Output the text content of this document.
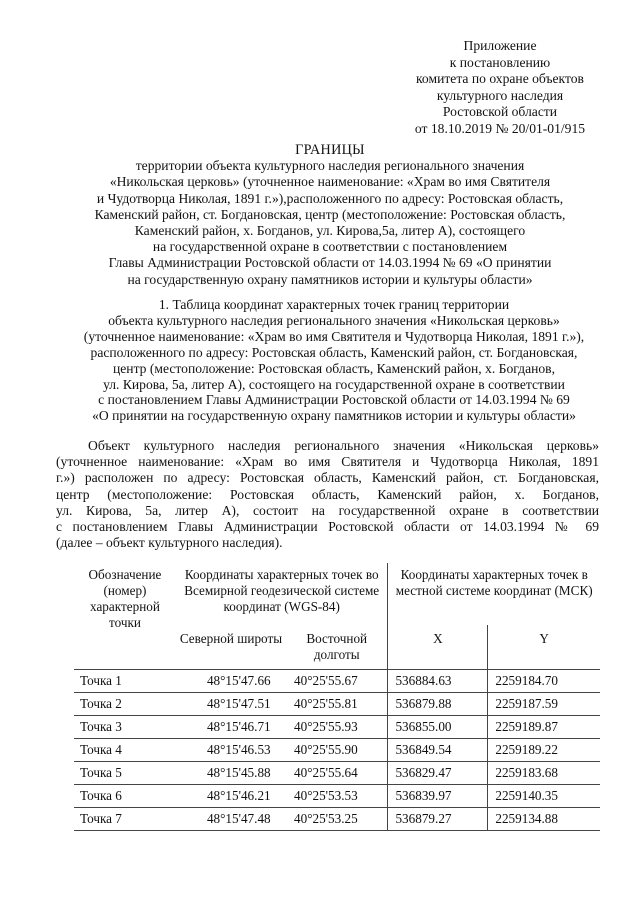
Приложение
к постановлению
комитета по охране объектов
культурного наследия
Ростовской области
от 18.10.2019 № 20/01-01/915
ГРАНИЦЫ
территории объекта культурного наследия регионального значения
«Никольская церковь» (уточненное наименование: «Храм во имя Святителя
и Чудотворца Николая, 1891 г.»),расположенного по адресу: Ростовская область,
Каменский район, ст. Богдановская, центр (местоположение: Ростовская область,
Каменский район, х. Богданов, ул. Кирова,5а, литер А), состоящего
на государственной охране в соответствии с постановлением
Главы Администрации Ростовской области от 14.03.1994 № 69 «О принятии
на государственную охрану памятников истории и культуры области»
1. Таблица координат характерных точек границ территории
объекта культурного наследия регионального значения «Никольская церковь»
(уточненное наименование: «Храм во имя Святителя и Чудотворца Николая, 1891 г.»),
расположенного по адресу: Ростовская область, Каменский район, ст. Богдановская,
центр (местоположение: Ростовская область, Каменский район, х. Богданов,
ул. Кирова, 5а, литер А), состоящего на государственной охране в соответствии
с постановлением Главы Администрации Ростовской области от 14.03.1994 № 69
«О принятии на государственную охрану памятников истории и культуры области»
Объект культурного наследия регионального значения «Никольская церковь»
(уточненное наименование: «Храм во имя Святителя и Чудотворца Николая, 1891
г.») расположен по адресу: Ростовская область, Каменский район, ст. Богдановская,
центр (местоположение: Ростовская область, Каменский район, х. Богданов,
ул. Кирова, 5а, литер А), состоит на государственной охране в соответствии
с постановлением Главы Администрации Ростовской области от 14.03.1994 № 69
(далее – объект культурного наследия).
Обозначение (номер) характерной точки	Координаты характерных точек во Всемирной геодезической системе координат (WGS-84)		Координаты характерных точек в местной системе координат (МСК)	
	Северной широты	Восточной долготы	X	Y
Точка 1	48°15'47.66	40°25'55.67	536884.63	2259184.70
Точка 2	48°15'47.51	40°25'55.81	536879.88	2259187.59
Точка 3	48°15'46.71	40°25'55.93	536855.00	2259189.87
Точка 4	48°15'46.53	40°25'55.90	536849.54	2259189.22
Точка 5	48°15'45.88	40°25'55.64	536829.47	2259183.68
Точка 6	48°15'46.21	40°25'53.53	536839.97	2259140.35
Точка 7	48°15'47.48	40°25'53.25	536879.27	2259134.88
